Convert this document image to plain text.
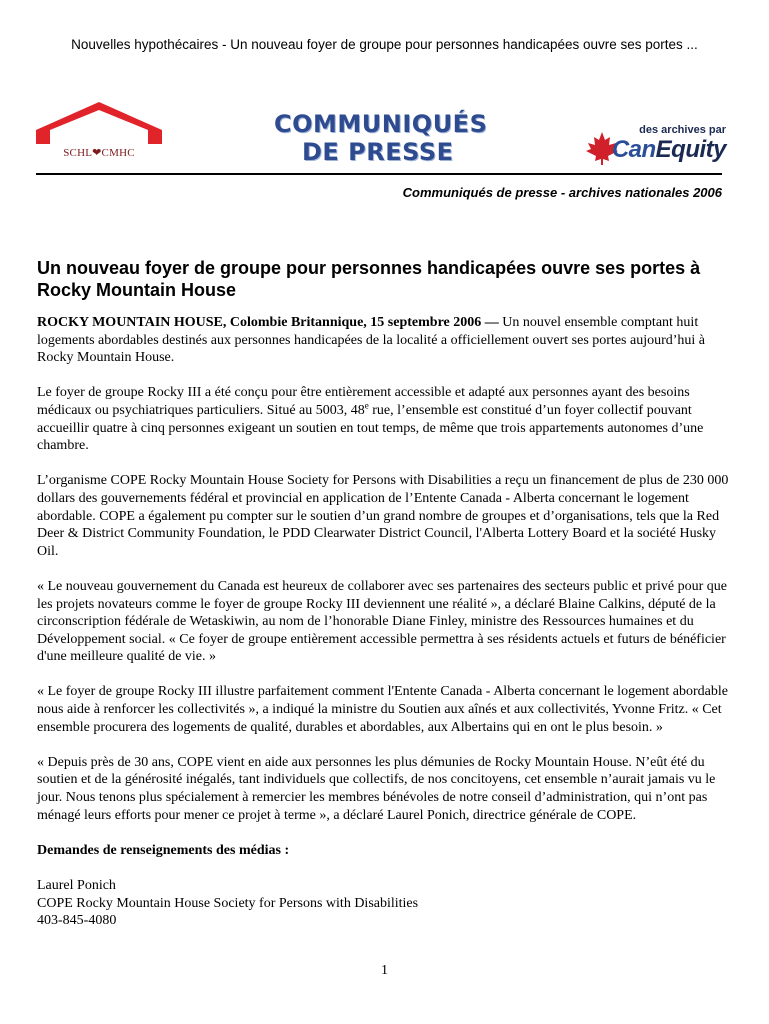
Nouvelles hypothécaires - Un nouveau foyer de groupe pour personnes handicapées ouvre ses portes ...
SCHL❤CMHC
COMMUNIQUÉS
DE PRESSE
des archives par
CanEquity
Communiqués de presse - archives nationales 2006
Un nouveau foyer de groupe pour personnes handicapées ouvre ses portes à Rocky Mountain House

ROCKY MOUNTAIN HOUSE, Colombie Britannique, 15 septembre 2006 — Un nouvel ensemble comptant huit logements abordables destinés aux personnes handicapées de la localité a officiellement ouvert ses portes aujourd’hui à Rocky Mountain House.

Le foyer de groupe Rocky III a été conçu pour être entièrement accessible et adapté aux personnes ayant des besoins médicaux ou psychiatriques particuliers. Situé au 5003, 48e rue, l’ensemble est constitué d’un foyer collectif pouvant accueillir quatre à cinq personnes exigeant un soutien en tout temps, de même que trois appartements autonomes d’une chambre.

L’organisme COPE Rocky Mountain House Society for Persons with Disabilities a reçu un financement de plus de 230 000 dollars des gouvernements fédéral et provincial en application de l’Entente Canada - Alberta concernant le logement abordable. COPE a également pu compter sur le soutien d’un grand nombre de groupes et d’organisations, tels que la Red Deer & District Community Foundation, le PDD Clearwater District Council, l'Alberta Lottery Board et la société Husky Oil.

« Le nouveau gouvernement du Canada est heureux de collaborer avec ses partenaires des secteurs public et privé pour que les projets novateurs comme le foyer de groupe Rocky III deviennent une réalité », a déclaré Blaine Calkins, député de la circonscription fédérale de Wetaskiwin, au nom de l’honorable Diane Finley, ministre des Ressources humaines et du Développement social. « Ce foyer de groupe entièrement accessible permettra à ses résidents actuels et futurs de bénéficier d'une meilleure qualité de vie. »

« Le foyer de groupe Rocky III illustre parfaitement comment l'Entente Canada - Alberta concernant le logement abordable nous aide à renforcer les collectivités », a indiqué la ministre du Soutien aux aînés et aux collectivités, Yvonne Fritz. « Cet ensemble procurera des logements de qualité, durables et abordables, aux Albertains qui en ont le plus besoin. »

« Depuis près de 30 ans, COPE vient en aide aux personnes les plus démunies de Rocky Mountain House. N’eût été du soutien et de la générosité inégalés, tant individuels que collectifs, de nos concitoyens, cet ensemble n’aurait jamais vu le jour. Nous tenons plus spécialement à remercier les membres bénévoles de notre conseil d’administration, qui n’ont pas ménagé leurs efforts pour mener ce projet à terme », a déclaré Laurel Ponich, directrice générale de COPE.

Demandes de renseignements des médias :

Laurel Ponich

COPE Rocky Mountain House Society for Persons with Disabilities

403-845-4080

1
